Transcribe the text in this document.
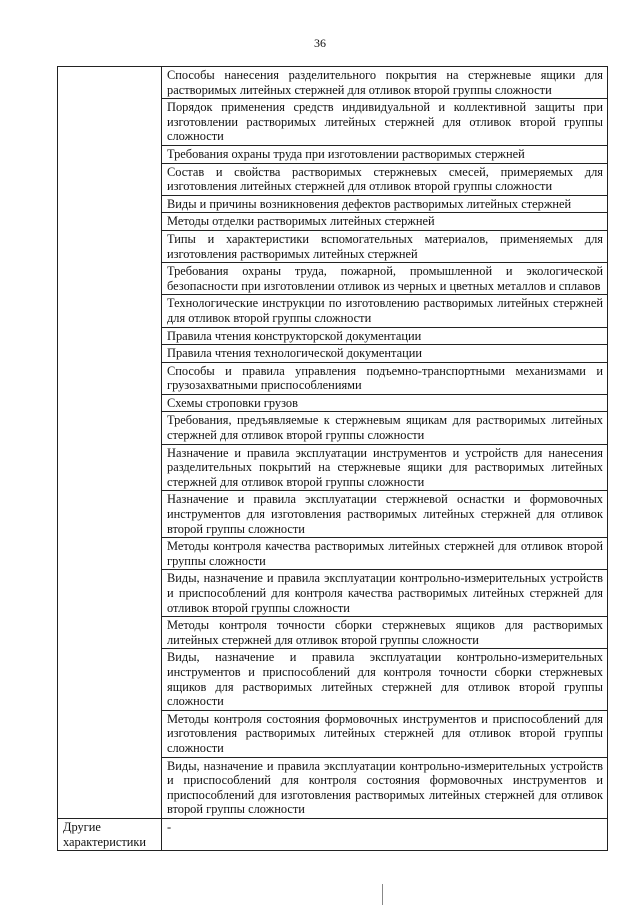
36
	Способы нанесения разделительного покрытия на стержневые ящики для растворимых литейных стержней для отливок второй группы сложности
	Порядок применения средств индивидуальной и коллективной защиты при изготовлении растворимых литейных стержней для отливок второй группы сложности
	Требования охраны труда при изготовлении растворимых стержней
	Состав и свойства растворимых стержневых смесей, примеряемых для изготовления литейных стержней для отливок второй группы сложности
	Виды и причины возникновения дефектов растворимых литейных стержней
	Методы отделки растворимых литейных стержней
	Типы и характеристики вспомогательных материалов, применяемых для изготовления растворимых литейных стержней
	Требования охраны труда, пожарной, промышленной и экологической безопасности при изготовлении отливок из черных и цветных металлов и сплавов
	Технологические инструкции по изготовлению растворимых литейных стержней для отливок второй группы сложности
	Правила чтения конструкторской документации
	Правила чтения технологической документации
	Способы и правила управления подъемно-транспортными механизмами и грузозахватными приспособлениями
	Схемы строповки грузов
	Требования, предъявляемые к стержневым ящикам для растворимых литейных стержней для отливок второй группы сложности
	Назначение и правила эксплуатации инструментов и устройств для нанесения разделительных покрытий на стержневые ящики для растворимых литейных стержней для отливок второй группы сложности
	Назначение и правила эксплуатации стержневой оснастки и формовочных инструментов для изготовления растворимых литейных стержней для отливок второй группы сложности
	Методы контроля качества растворимых литейных стержней для отливок второй группы сложности
	Виды, назначение и правила эксплуатации контрольно-измерительных устройств и приспособлений для контроля качества растворимых литейных стержней для отливок второй группы сложности
	Методы контроля точности сборки стержневых ящиков для растворимых литейных стержней для отливок второй группы сложности
	Виды, назначение и правила эксплуатации контрольно-измерительных инструментов и приспособлений для контроля точности сборки стержневых ящиков для растворимых литейных стержней для отливок второй группы сложности
	Методы контроля состояния формовочных инструментов и приспособлений для изготовления растворимых литейных стержней для отливок второй группы сложности
	Виды, назначение и правила эксплуатации контрольно-измерительных устройств и приспособлений для контроля состояния формовочных инструментов и приспособлений для изготовления растворимых литейных стержней для отливок второй группы сложности
Другие характеристики	-
